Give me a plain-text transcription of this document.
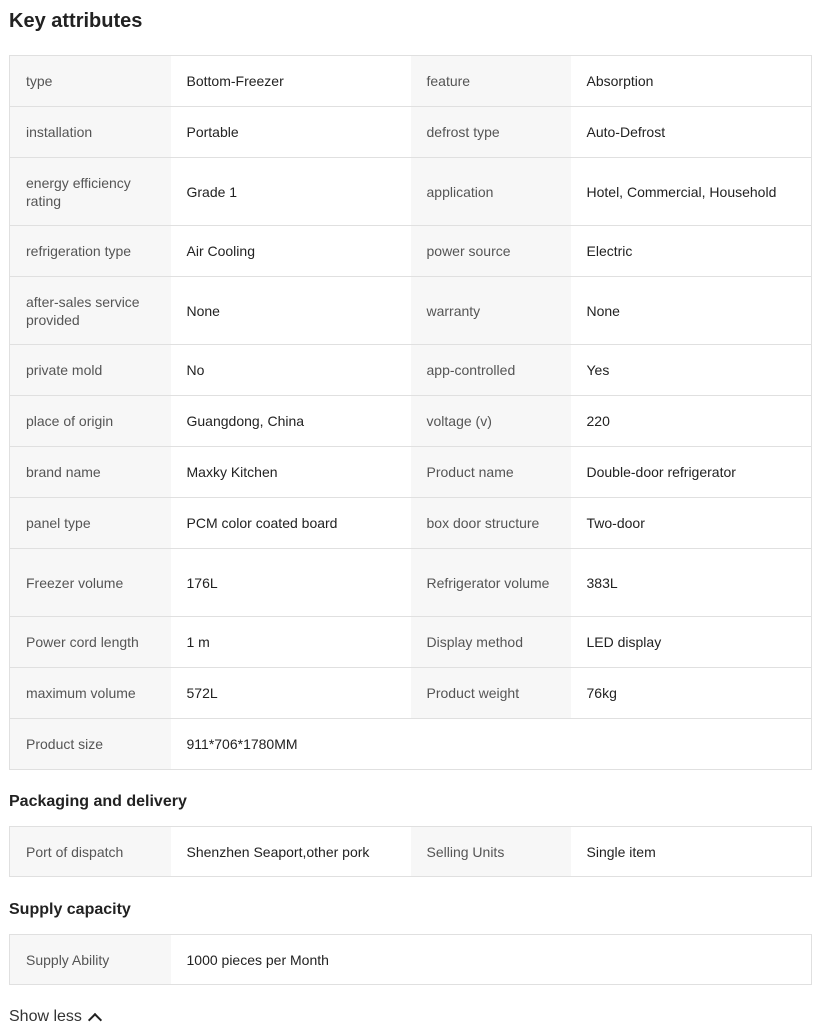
Key attributes
type	Bottom-Freezer	feature	Absorption
installation	Portable	defrost type	Auto-Defrost
energy efficiency rating	Grade 1	application	Hotel, Commercial, Household
refrigeration type	Air Cooling	power source	Electric
after-sales service provided	None	warranty	None
private mold	No	app-controlled	Yes
place of origin	Guangdong, China	voltage (v)	220
brand name	Maxky Kitchen	Product name	Double-door refrigerator
panel type	PCM color coated board	box door structure	Two-door
Freezer volume	176L	Refrigerator volume	383L
Power cord length	1 m	Display method	LED display
maximum volume	572L	Product weight	76kg
Product size	911*706*1780MM		
Packaging and delivery
Port of dispatch	Shenzhen Seaport,other pork	Selling Units	Single item
Supply capacity
Supply Ability	1000 pieces per Month	
Show less
